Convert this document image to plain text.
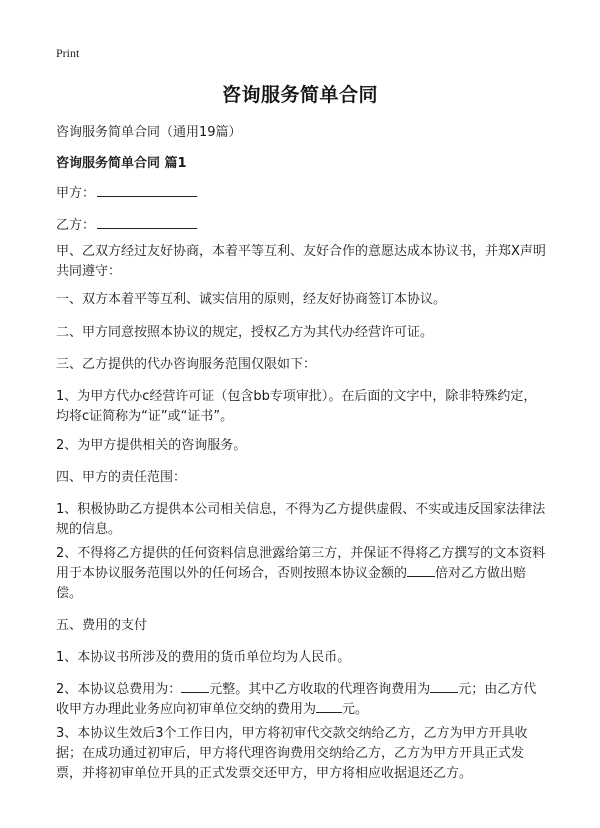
Print
咨询服务简单合同
咨询服务简单合同（通用19篇）
咨询服务简单合同 篇1
甲方：
乙方：
甲、乙双方经过友好协商，本着平等互利、友好合作的意愿达成本协议书，并郑X声明共同遵守：
一、双方本着平等互利、诚实信用的原则，经友好协商签订本协议。
二、甲方同意按照本协议的规定，授权乙方为其代办经营许可证。
三、乙方提供的代办咨询服务范围仅限如下：
1、为甲方代办c经营许可证（包含bb专项审批）。在后面的文字中，除非特殊约定，均将c证简称为“证”或“证书”。
2、为甲方提供相关的咨询服务。
四、甲方的责任范围：
1、积极协助乙方提供本公司相关信息，不得为乙方提供虚假、不实或违反国家法律法规的信息。
2、不得将乙方提供的任何资料信息泄露给第三方，并保证不得将乙方撰写的文本资料用于本协议服务范围以外的任何场合，否则按照本协议金额的 倍对乙方做出赔偿。
五、费用的支付
1、本协议书所涉及的费用的货币单位均为人民币。
2、本协议总费用为： 元整。其中乙方收取的代理咨询费用为 元；由乙方代收甲方办理此业务应向初审单位交纳的费用为 元。
3、本协议生效后3个工作日内，甲方将初审代交款交纳给乙方，乙方为甲方开具收据；在成功通过初审后，甲方将代理咨询费用交纳给乙方，乙方为甲方开具正式发票，并将初审单位开具的正式发票交还甲方，甲方将相应收据退还乙方。
